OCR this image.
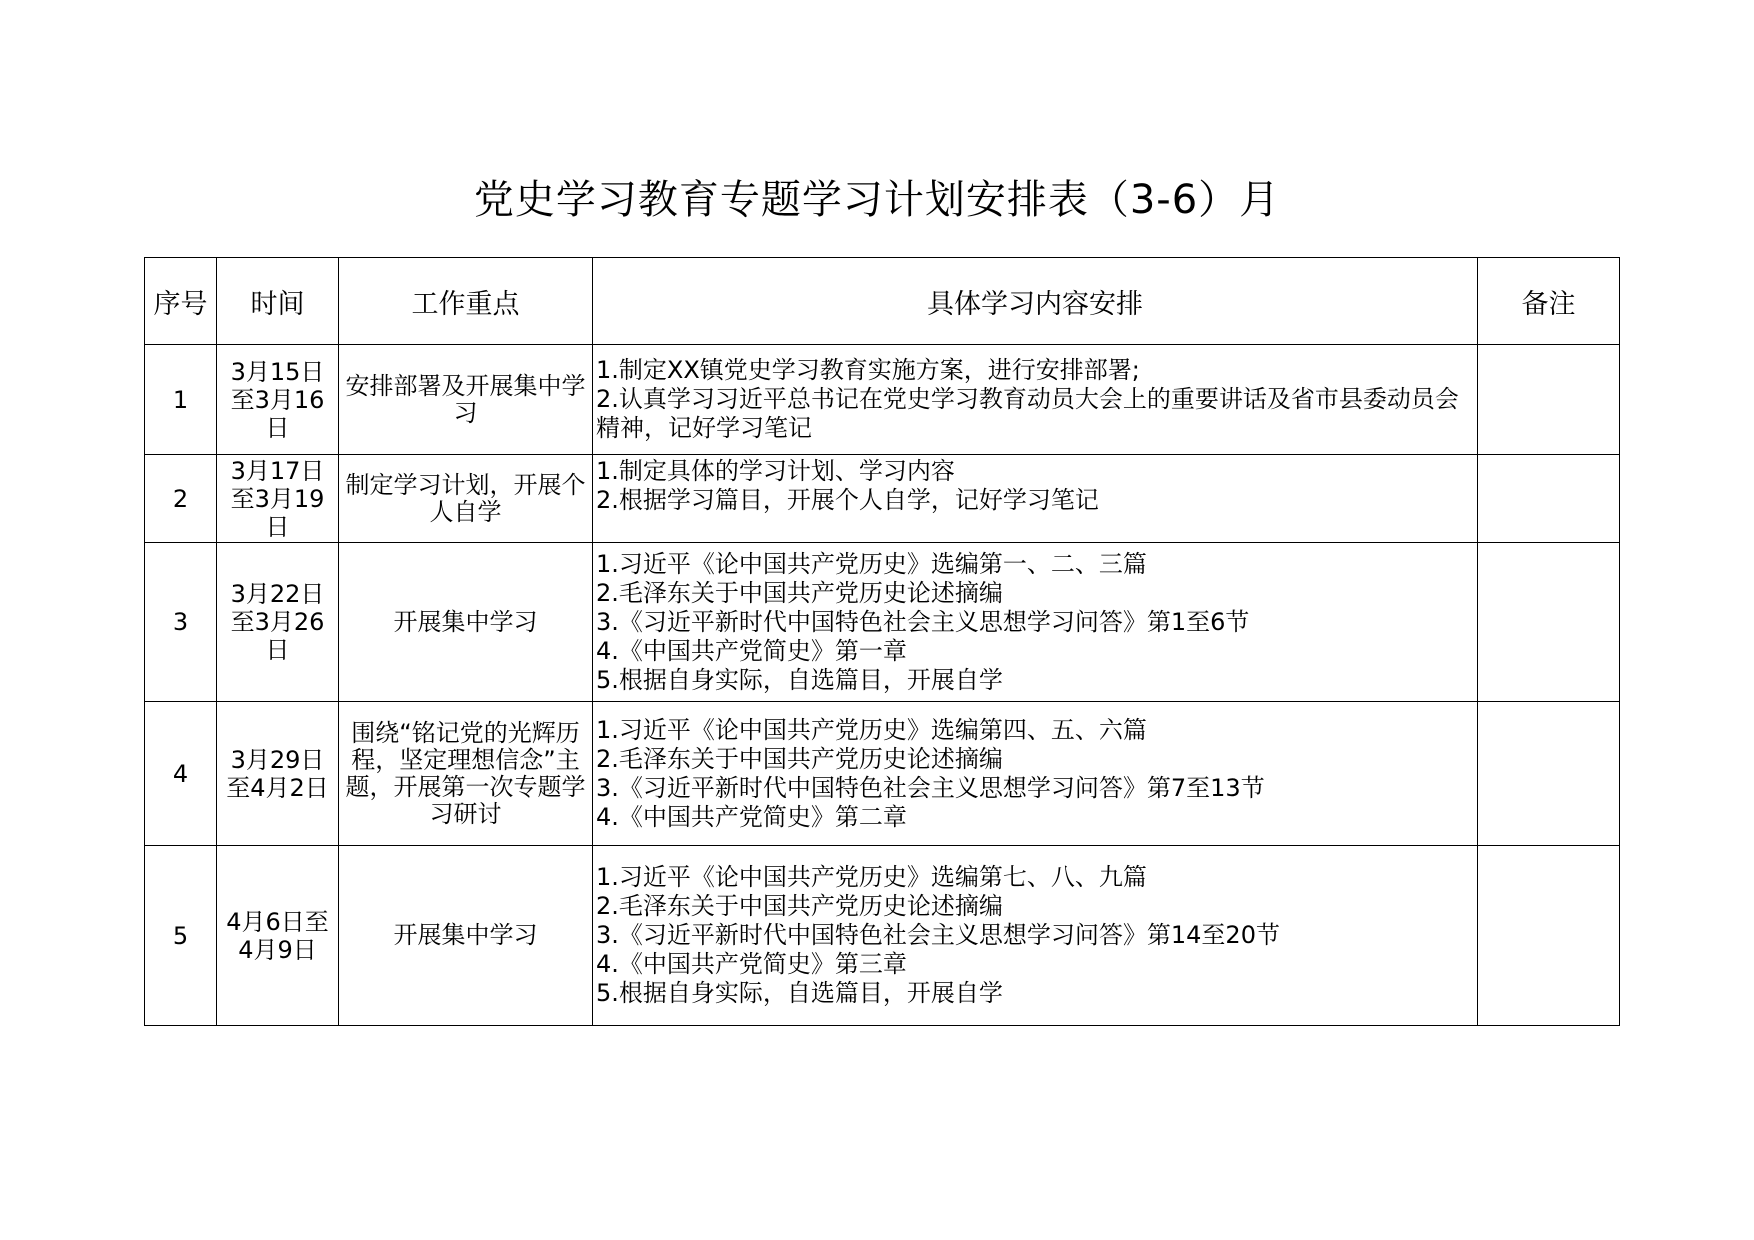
党史学习教育专题学习计划安排表（3-6）月
序号	时间	工作重点	具体学习内容安排	备注
1	3月15日至3月16日	安排部署及开展集中学习	1.制定XX镇党史学习教育实施方案，进行安排部署;
2.认真学习习近平总书记在党史学习教育动员大会上的重要讲话及省市县委动员会精神，记好学习笔记	

2	3月17日至3月19日	制定学习计划，开展个人自学	1.制定具体的学习计划、学习内容
2.根据学习篇目，开展个人自学，记好学习笔记	

3	3月22日至3月26日	开展集中学习	1.习近平《论中国共产党历史》选编第一、二、三篇
2.毛泽东关于中国共产党历史论述摘编
3.《习近平新时代中国特色社会主义思想学习问答》第1至6节
4.《中国共产党简史》第一章
5.根据自身实际，自选篇目，开展自学	

4	3月29日至4月2日	围绕“铭记党的光辉历程，坚定理想信念”主题，开展第一次专题学习研讨	1.习近平《论中国共产党历史》选编第四、五、六篇
2.毛泽东关于中国共产党历史论述摘编
3.《习近平新时代中国特色社会主义思想学习问答》第7至13节
4.《中国共产党简史》第二章	

5	4月6日至4月9日	开展集中学习	1.习近平《论中国共产党历史》选编第七、八、九篇
2.毛泽东关于中国共产党历史论述摘编
3.《习近平新时代中国特色社会主义思想学习问答》第14至20节
4.《中国共产党简史》第三章
5.根据自身实际，自选篇目，开展自学	
